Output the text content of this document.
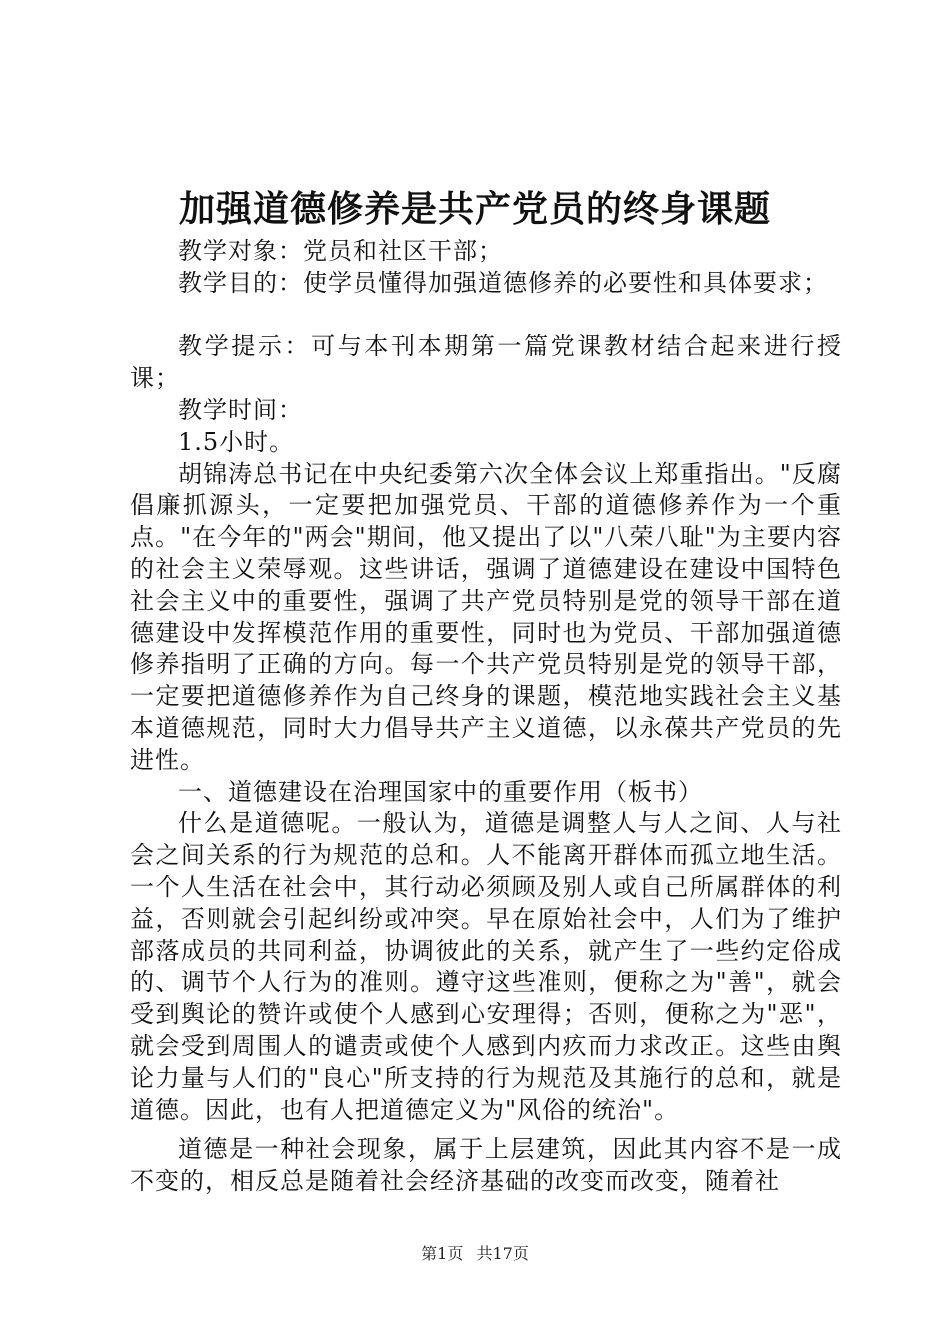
加强道德修养是共产党员的终身课题

教学对象：党员和社区干部；

教学目的：使学员懂得加强道德修养的必要性和具体要求；

教学提示：可与本刊本期第一篇党课教材结合起来进行授课；

教学时间：

1.5小时。

胡锦涛总书记在中央纪委第六次全体会议上郑重指出。"反腐倡廉抓源头，一定要把加强党员、干部的道德修养作为一个重点。"在今年的"两会"期间，他又提出了以"八荣八耻"为主要内容的社会主义荣辱观。这些讲话，强调了道德建设在建设中国特色社会主义中的重要性，强调了共产党员特别是党的领导干部在道德建设中发挥模范作用的重要性，同时也为党员、干部加强道德修养指明了正确的方向。每一个共产党员特别是党的领导干部，一定要把道德修养作为自己终身的课题，模范地实践社会主义基本道德规范，同时大力倡导共产主义道德，以永葆共产党员的先进性。

一、道德建设在治理国家中的重要作用（板书）

什么是道德呢。一般认为，道德是调整人与人之间、人与社会之间关系的行为规范的总和。人不能离开群体而孤立地生活。一个人生活在社会中，其行动必须顾及别人或自己所属群体的利益，否则就会引起纠纷或冲突。早在原始社会中，人们为了维护部落成员的共同利益，协调彼此的关系，就产生了一些约定俗成的、调节个人行为的准则。遵守这些准则，便称之为"善"，就会受到舆论的赞许或使个人感到心安理得；否则，便称之为"恶"，就会受到周围人的谴责或使个人感到内疚而力求改正。这些由舆论力量与人们的"良心"所支持的行为规范及其施行的总和，就是道德。因此，也有人把道德定义为"风俗的统治"。

道德是一种社会现象，属于上层建筑，因此其内容不是一成不变的，相反总是随着社会经济基础的改变而改变，随着社

第1页 共17页
